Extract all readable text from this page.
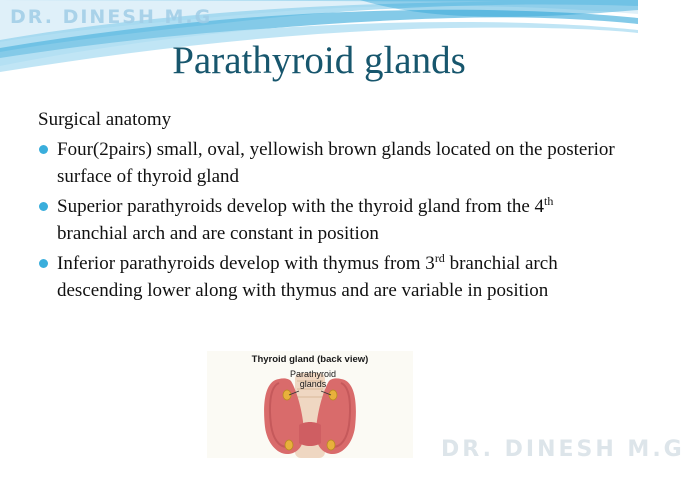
DR. DINESH M.G
Parathyroid glands

Surgical anatomy

Four(2pairs) small, oval, yellowish brown glands located on the posterior surface of thyroid gland
Superior parathyroids develop with the thyroid gland from the 4th branchial arch and are constant in position
Inferior parathyroids develop with thymus from 3rd branchial arch descending lower along with thymus and are variable in position
Thyroid gland (back view)
Parathyroid
glands
DR. DINESH M.G
